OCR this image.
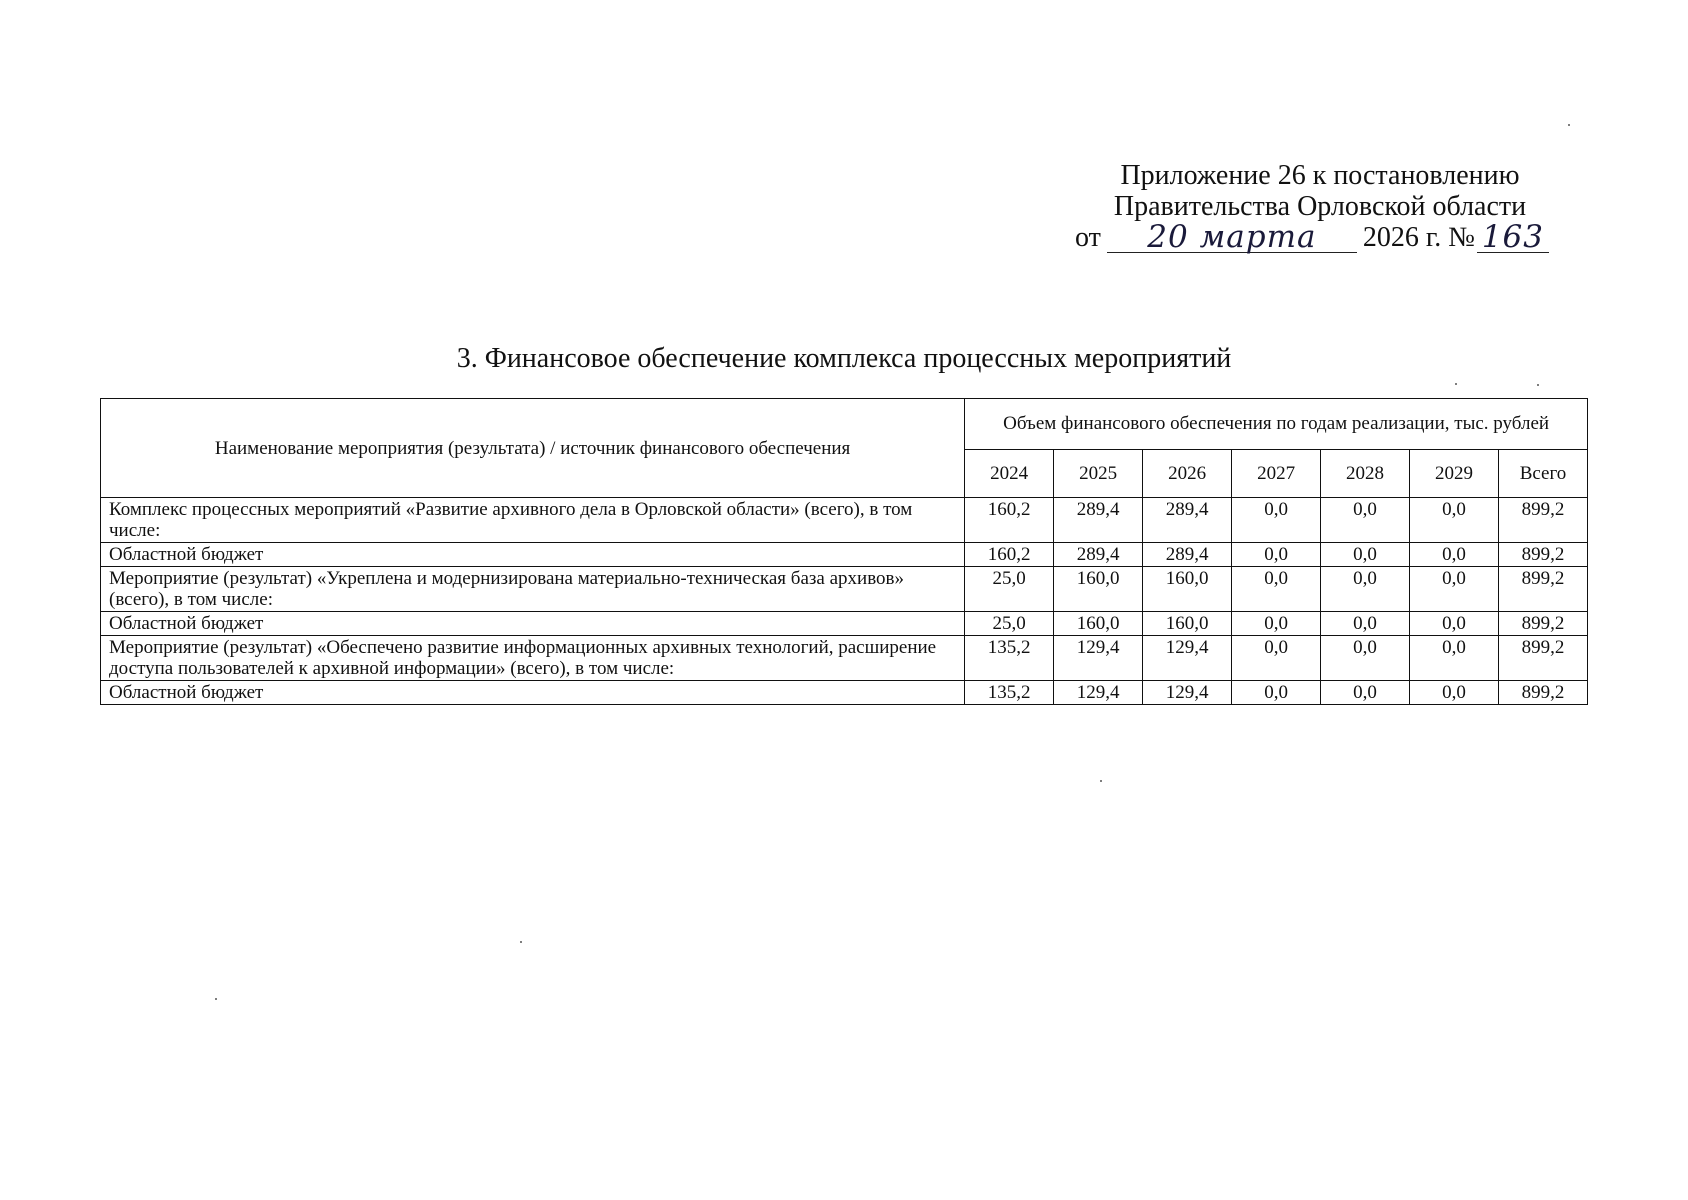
Приложение 26 к постановлению
Правительства Орловской области
от 20 марта 2026 г. № 163
3. Финансовое обеспечение комплекса процессных мероприятий
Наименование мероприятия (результата) / источник финансового обеспечения	Объем финансового обеспечения по годам реализации, тыс. рублей						
	2024	2025	2026	2027	2028	2029	Всего
Комплекс процессных мероприятий «Развитие архивного дела в Орловской области» (всего), в том числе:	160,2	289,4	289,4	0,0	0,0	0,0	899,2
Областной бюджет	160,2	289,4	289,4	0,0	0,0	0,0	899,2
Мероприятие (результат) «Укреплена и модернизирована материально-техническая база архивов» (всего), в том числе:	25,0	160,0	160,0	0,0	0,0	0,0	899,2
Областной бюджет	25,0	160,0	160,0	0,0	0,0	0,0	899,2
Мероприятие (результат) «Обеспечено развитие информационных архивных технологий, расширение доступа пользователей к архивной информации» (всего), в том числе:	135,2	129,4	129,4	0,0	0,0	0,0	899,2
Областной бюджет	135,2	129,4	129,4	0,0	0,0	0,0	899,2
